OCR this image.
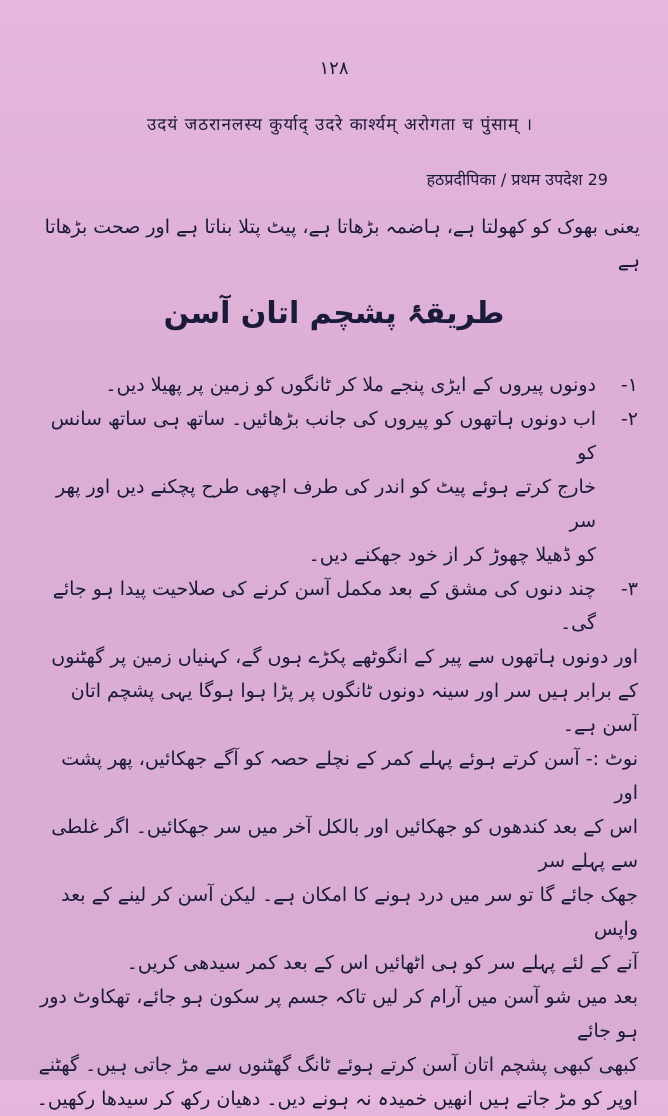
۱۲۸
उदयं जठरानलस्य कुर्याद् उदरे कार्श्यम् अरोगता च पुंसाम् ।
हठप्रदीपिका / प्रथम उपदेश 29
یعنی بھوک کو کھولتا ہے، ہاضمہ بڑھاتا ہے، پیٹ پتلا بناتا ہے اور صحت بڑھاتا ہے
طریقۂ پشچم اتان آسن
۱-
دونوں پیروں کے ایڑی پنجے ملا کر ٹانگوں کو زمین پر پھیلا دیں۔
۲-
اب دونوں ہاتھوں کو پیروں کی جانب بڑھائیں۔ ساتھ ہی ساتھ سانس کو
خارج کرتے ہوئے پیٹ کو اندر کی طرف اچھی طرح پچکنے دیں اور پھر سر
کو ڈھیلا چھوڑ کر از خود جھکنے دیں۔
۳-
چند دنوں کی مشق کے بعد مکمل آسن کرنے کی صلاحیت پیدا ہو جائے گی۔
اور دونوں ہاتھوں سے پیر کے انگوٹھے پکڑے ہوں گے، کہنیاں زمین پر گھٹنوں
کے برابر ہیں سر اور سینہ دونوں ٹانگوں پر پڑا ہوا ہوگا یہی پشچم اتان آسن ہے۔
نوٹ :- آسن کرتے ہوئے پہلے کمر کے نچلے حصہ کو آگے جھکائیں، پھر پشت اور
اس کے بعد کندھوں کو جھکائیں اور بالکل آخر میں سر جھکائیں۔ اگر غلطی سے پہلے سر
جھک جائے گا تو سر میں درد ہونے کا امکان ہے۔ لیکن آسن کر لینے کے بعد واپس
آنے کے لئے پہلے سر کو ہی اٹھائیں اس کے بعد کمر سیدھی کریں۔
بعد میں شو آسن میں آرام کر لیں تاکہ جسم پر سکون ہو جائے، تھکاوٹ دور ہو جائے
کبھی کبھی پشچم اتان آسن کرتے ہوئے ٹانگ گھٹنوں سے مڑ جاتی ہیں۔ گھٹنے
اوپر کو مڑ جاتے ہیں انھیں خمیدہ نہ ہونے دیں۔ دھیان رکھ کر سیدھا رکھیں۔
